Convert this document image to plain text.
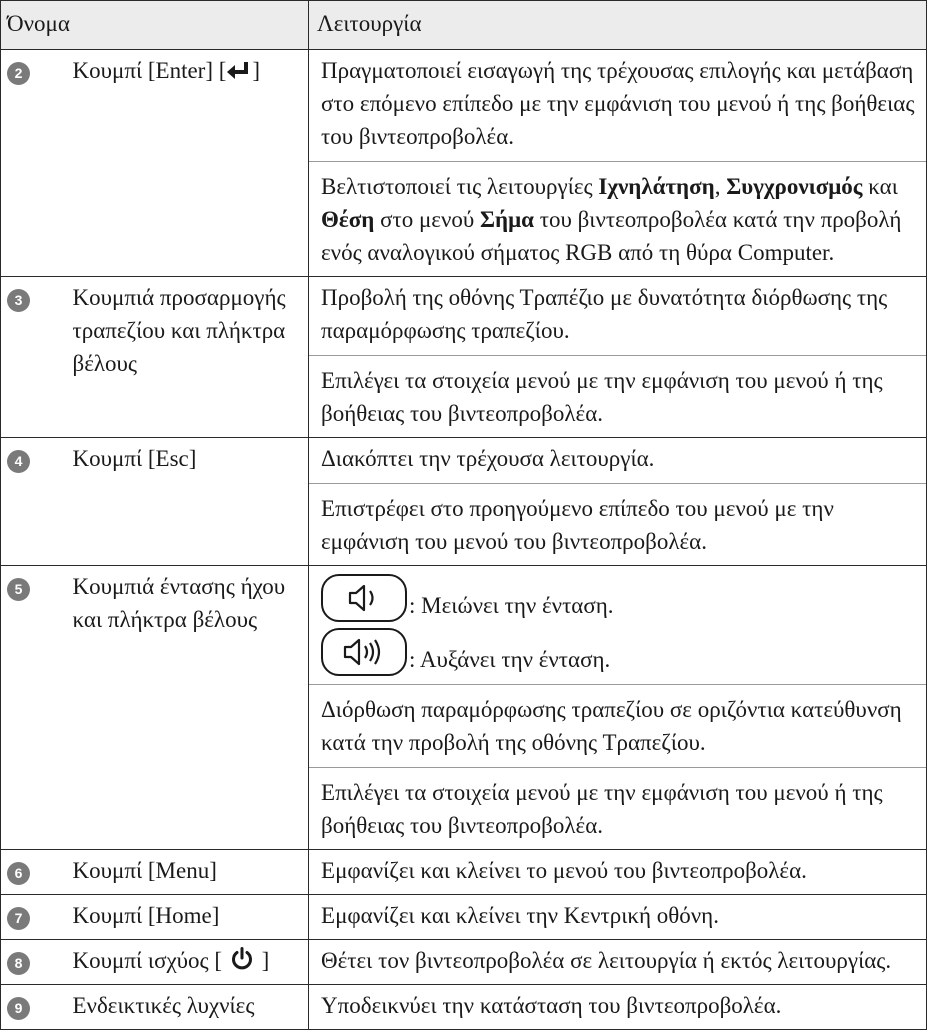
Όνομα		Λειτουργία

2	Κουμπί [Enter] [ ]	Πραγματοποιεί εισαγωγή της τρέχουσας επιλογής και μετάβαση στο επόμενο επίπεδο με την εμφάνιση του μενού ή της βοήθειας του βιντεοπροβολέα.

Βελτιστοποιεί τις λειτουργίες Ιχνηλάτηση, Συγχρονισμός και Θέση στο μενού Σήμα του βιντεοπροβολέα κατά την προβολή ενός αναλογικού σήματος RGB από τη θύρα Computer.

3	Κουμπιά προσαρμογής τραπεζίου και πλήκτρα βέλους	Προβολή της οθόνης Τραπέζιο με δυνατότητα διόρθωσης της παραμόρφωσης τραπεζίου.

Επιλέγει τα στοιχεία μενού με την εμφάνιση του μενού ή της βοήθειας του βιντεοπροβολέα.

4	Κουμπί [Esc]	Διακόπτει την τρέχουσα λειτουργία.

Επιστρέφει στο προηγούμενο επίπεδο του μενού με την εμφάνιση του μενού του βιντεοπροβολέα.

5	Κουμπιά έντασης ήχου και πλήκτρα βέλους	: Μειώνει την ένταση.
: Αυξάνει την ένταση.

Διόρθωση παραμόρφωσης τραπεζίου σε οριζόντια κατεύθυνση κατά την προβολή της οθόνης Τραπεζίου.

Επιλέγει τα στοιχεία μενού με την εμφάνιση του μενού ή της βοήθειας του βιντεοπροβολέα.

6	Κουμπί [Menu]	Εμφανίζει και κλείνει το μενού του βιντεοπροβολέα.

7	Κουμπί [Home]	Εμφανίζει και κλείνει την Κεντρική οθόνη.

8	Κουμπί ισχύος [  ]	Θέτει τον βιντεοπροβολέα σε λειτουργία ή εκτός λειτουργίας.

9	Ενδεικτικές λυχνίες	Υποδεικνύει την κατάσταση του βιντεοπροβολέα.
